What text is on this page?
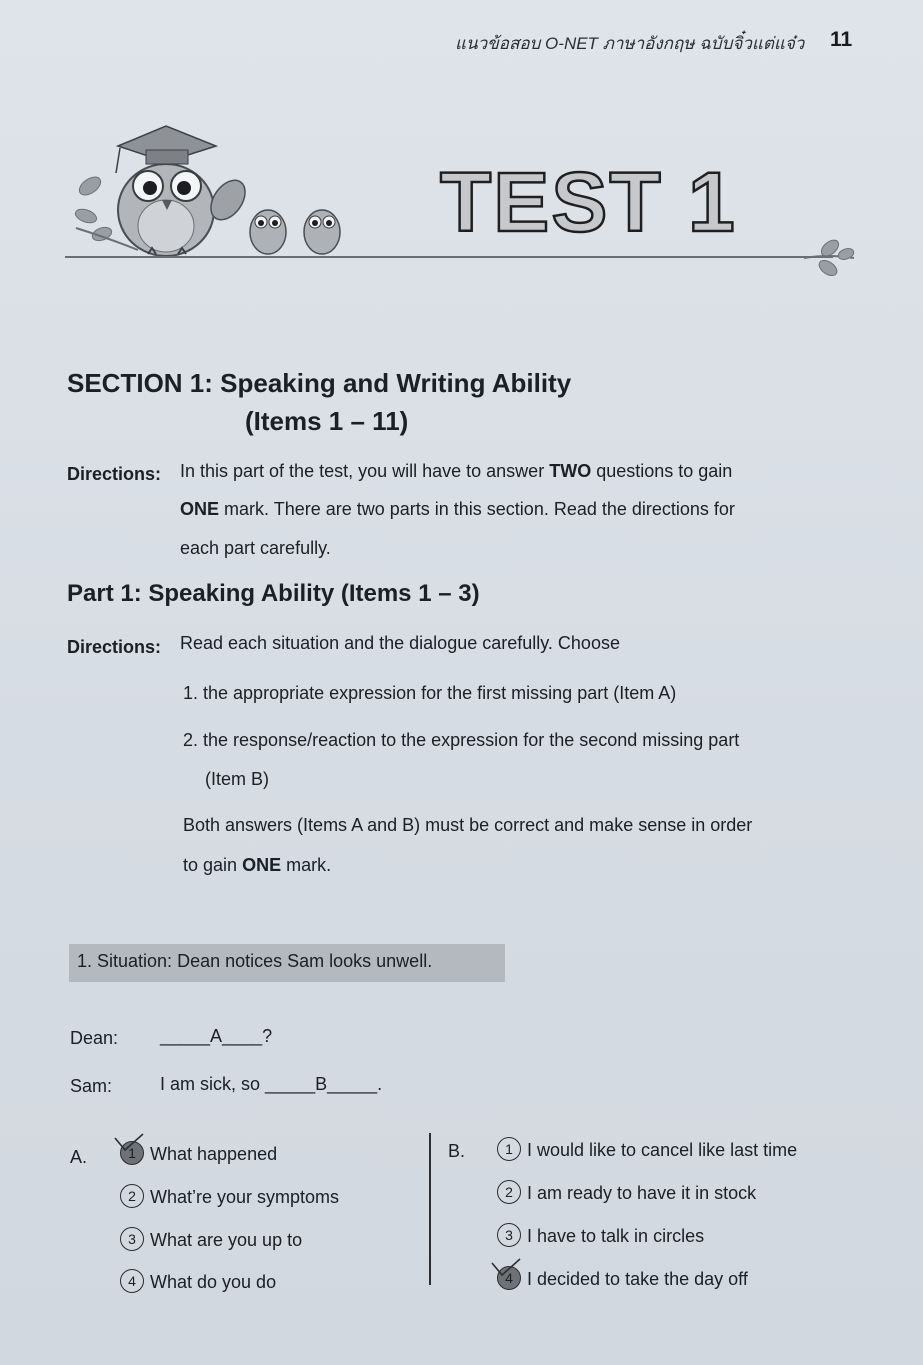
แนวข้อสอบ O-NET ภาษาอังกฤษ ฉบับจิ๋วแต่แจ๋ว 11
TEST 1
SECTION 1: Speaking and Writing Ability
(Items 1 – 11)
Directions: In this part of the test, you will have to answer TWO questions to gain
ONE mark. There are two parts in this section. Read the directions for
each part carefully.
Part 1: Speaking Ability (Items 1 – 3)
Directions: Read each situation and the dialogue carefully. Choose
1. the appropriate expression for the first missing part (Item A)
2. the response/reaction to the expression for the second missing part
(Item B)
Both answers (Items A and B) must be correct and make sense in order
to gain ONE mark.
1. Situation: Dean notices Sam looks unwell.
Dean: _____A____?
Sam:	I am sick, so _____B_____.
A.	1 What happened
2 What’re your symptoms
3 What are you up to
4 What do you do
B.	1 I would like to cancel like last time
2 I am ready to have it in stock
3 I have to talk in circles
4 I decided to take the day off
